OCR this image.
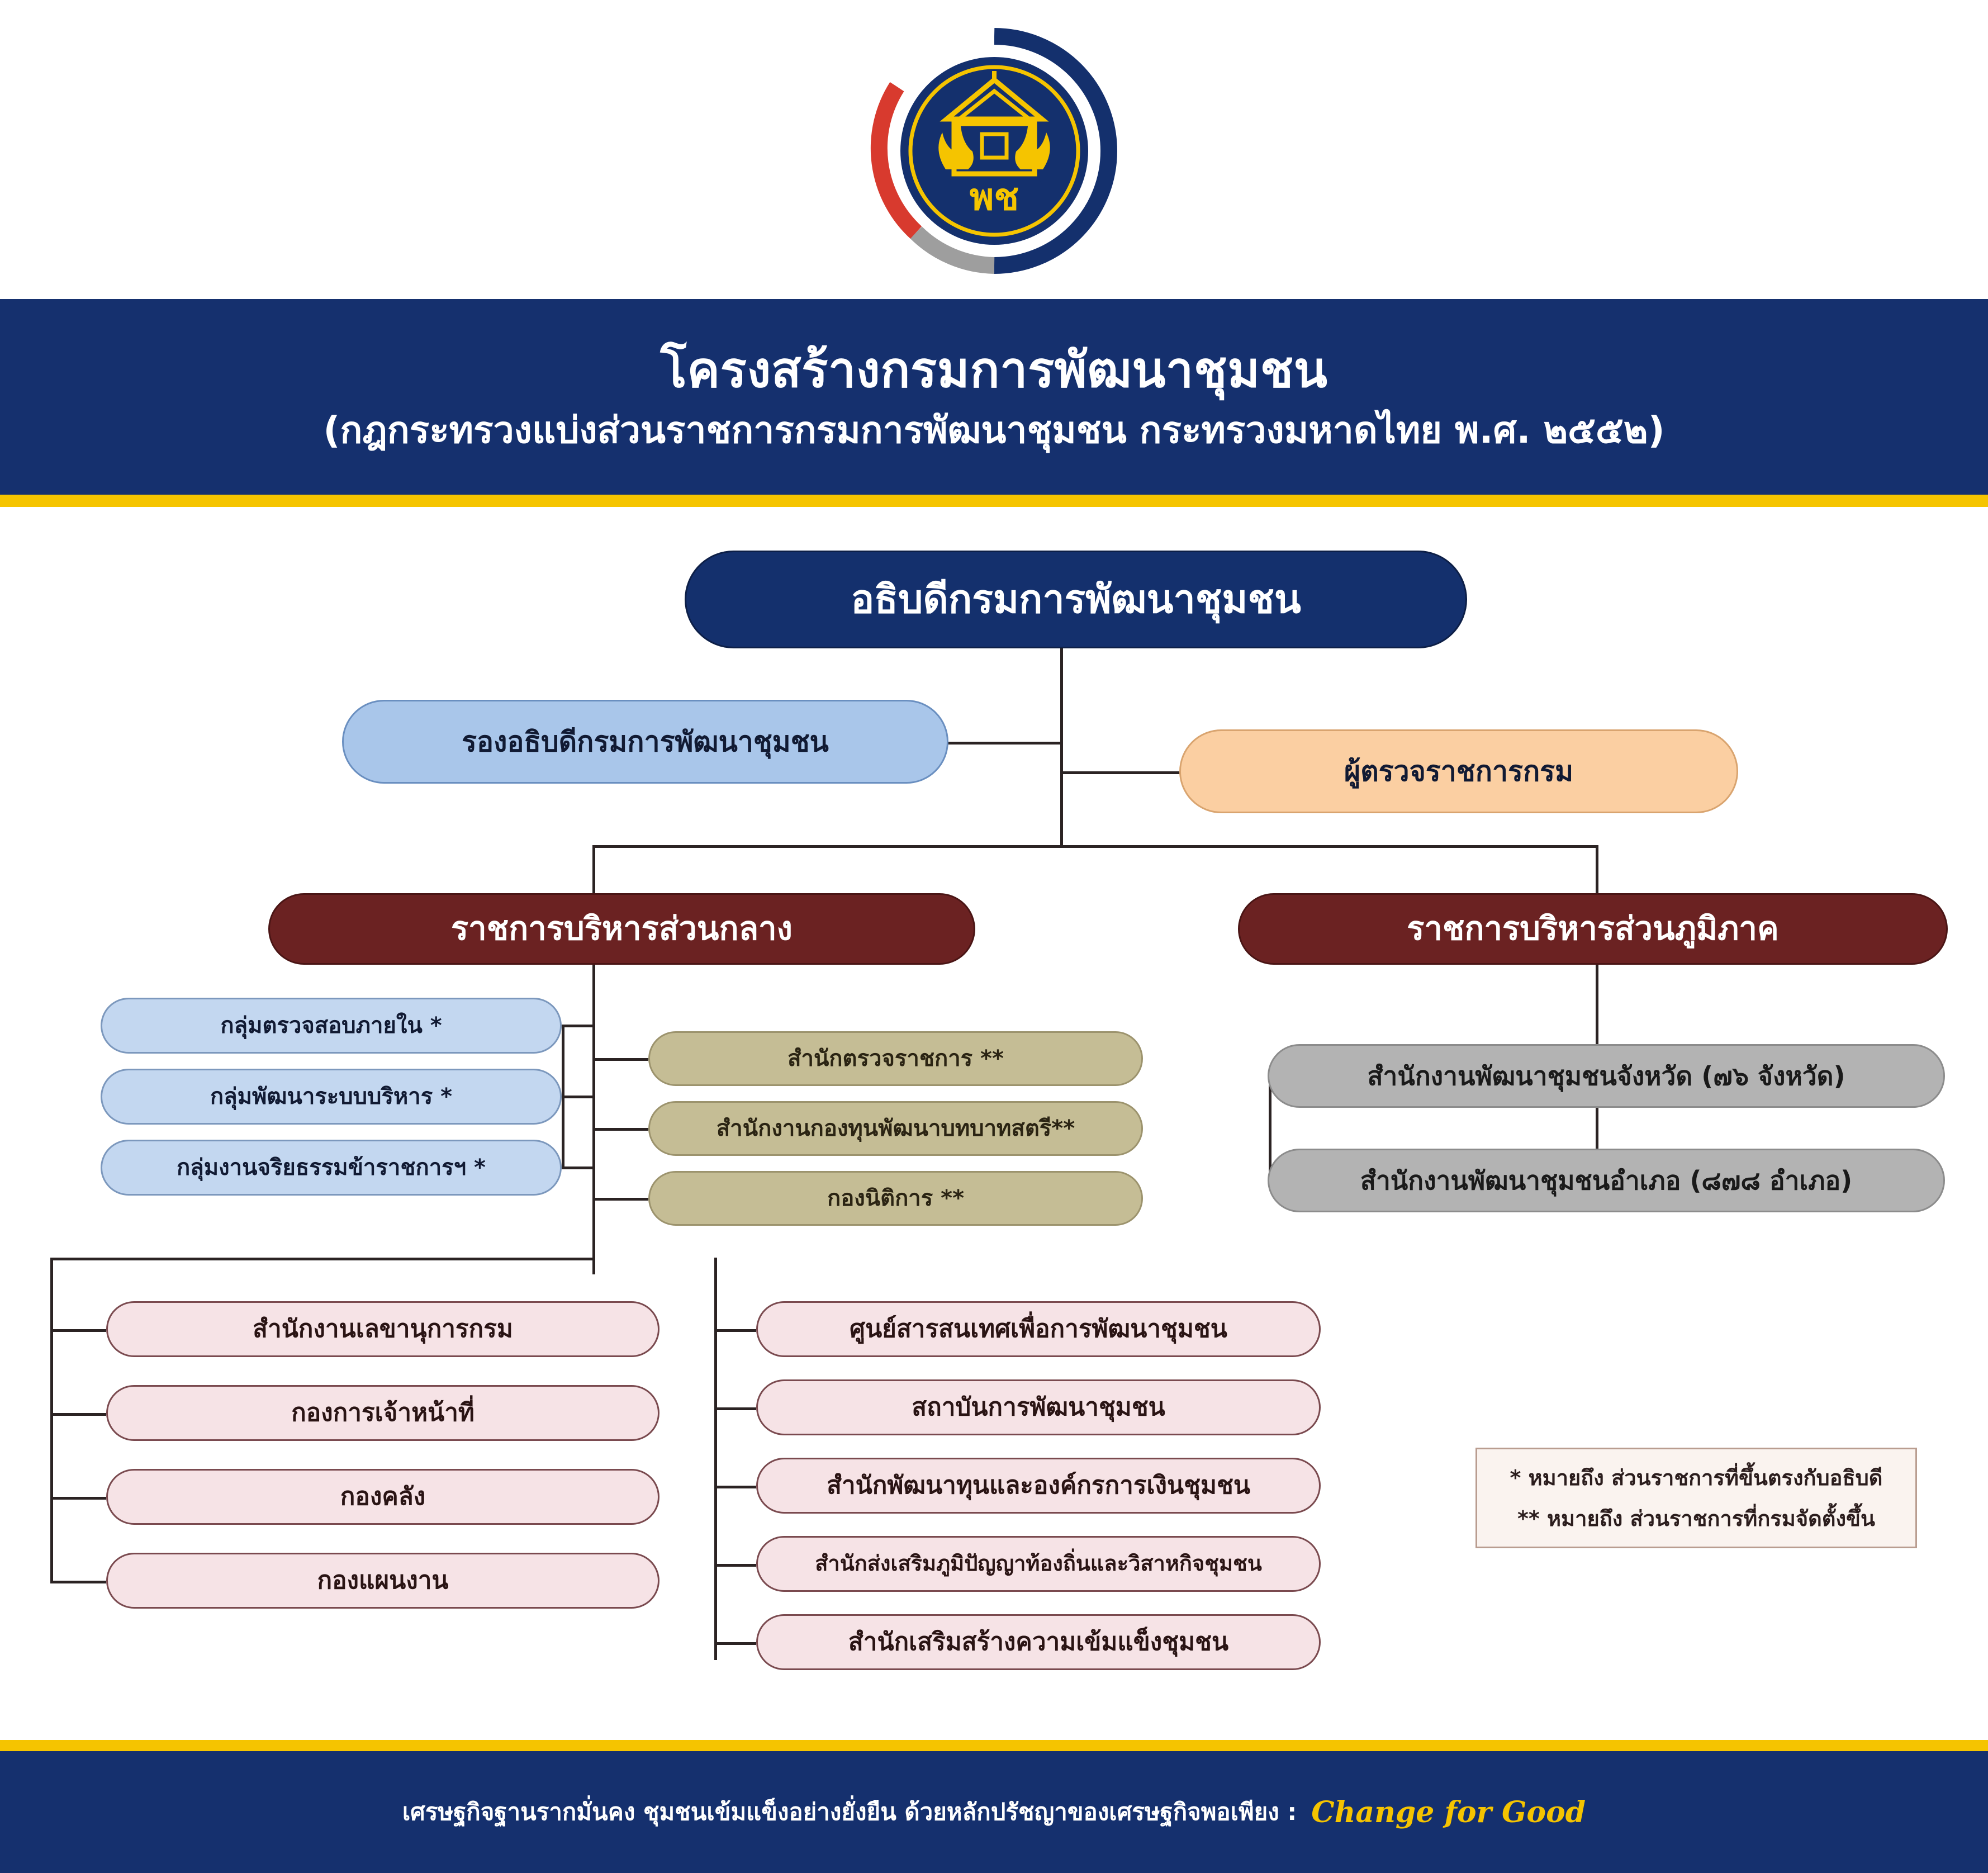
พช
โครงสร้างกรมการพัฒนาชุมชน
(กฎกระทรวงแบ่งส่วนราชการกรมการพัฒนาชุมชน กระทรวงมหาดไทย พ.ศ. ๒๕๕๒)
อธิบดีกรมการพัฒนาชุมชน
รองอธิบดีกรมการพัฒนาชุมชน
ผู้ตรวจราชการกรม
ราชการบริหารส่วนกลาง	ราชการบริหารส่วนภูมิภาค
กลุ่มตรวจสอบภายใน *
กลุ่มพัฒนาระบบบริหาร *
กลุ่มงานจริยธรรมข้าราชการฯ *
สำนักตรวจราชการ **
สำนักงานกองทุนพัฒนาบทบาทสตรี**
กองนิติการ **
สำนักงานพัฒนาชุมชนจังหวัด (๗๖ จังหวัด)
สำนักงานพัฒนาชุมชนอำเภอ (๘๗๘ อำเภอ)
สำนักงานเลขานุการกรม
กองการเจ้าหน้าที่
กองคลัง
กองแผนงาน
ศูนย์สารสนเทศเพื่อการพัฒนาชุมชน
สถาบันการพัฒนาชุมชน
สำนักพัฒนาทุนและองค์กรการเงินชุมชน
สำนักส่งเสริมภูมิปัญญาท้องถิ่นและวิสาหกิจชุมชน
สำนักเสริมสร้างความเข้มแข็งชุมชน
* หมายถึง ส่วนราชการที่ขึ้นตรงกับอธิบดี
** หมายถึง ส่วนราชการที่กรมจัดตั้งขึ้น
เศรษฐกิจฐานรากมั่นคง ชุมชนเข้มแข็งอย่างยั่งยืน ด้วยหลักปรัชญาของเศรษฐกิจพอเพียง : Change for Good
